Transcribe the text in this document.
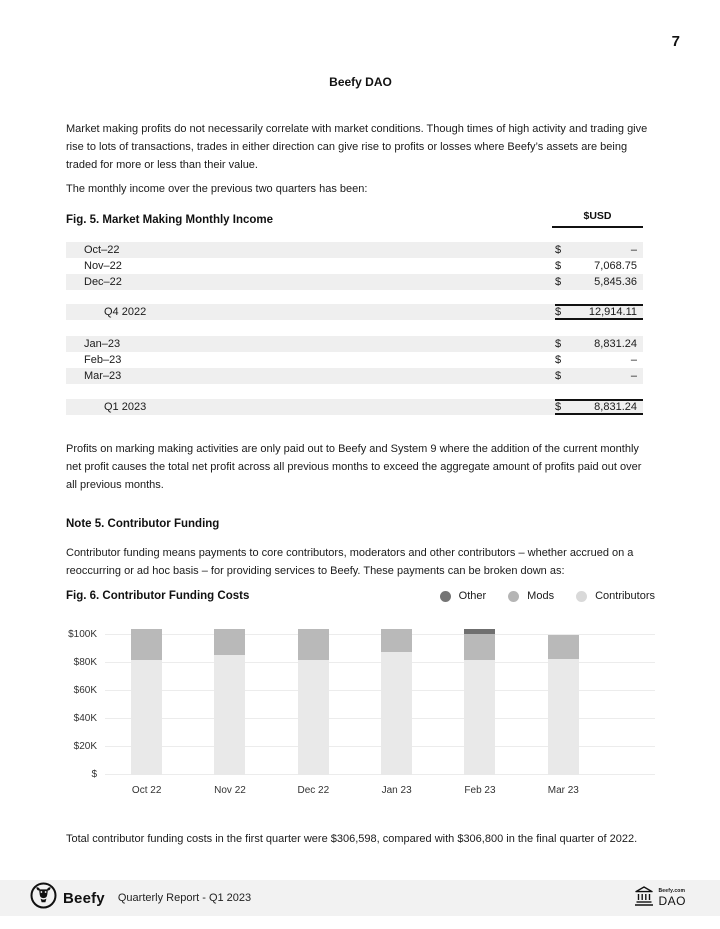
7
Beefy DAO

Market making profits do not necessarily correlate with market conditions. Though times of high activity and trading give rise to lots of transactions, trades in either direction can give rise to profits or losses where Beefy’s assets are being traded for more or less than their value.

The monthly income over the previous two quarters has been:

Fig. 5. Market Making Monthly Income	$USD
Oct–22	$	–
Nov–22	$	7,068.75
Dec–22	$	5,845.36
Q4 2022	$	12,914.11
Jan–23	$	8,831.24
Feb–23	$	–
Mar–23	$	–
Q1 2023	$	8,831.24

Profits on marking making activities are only paid out to Beefy and System 9 where the addition of the current monthly net profit causes the total net profit across all previous months to exceed the aggregate amount of profits paid out over all previous months.

Note 5. Contributor Funding

Contributor funding means payments to core contributors, moderators and other contributors – whether accrued on a reoccurring or ad hoc basis – for providing services to Beefy. These payments can be broken down as:

Fig. 6. Contributor Funding Costs	Other	Mods	Contributors
$
$20K
$40K
$60K
$80K
$100K
Oct 22	Nov 22	Dec 22	Jan 23	Feb 23	Mar 23

Total contributor funding costs in the first quarter were $306,598, compared with $306,800 in the final quarter of 2022.

Beefy Quarterly Report - Q1 2023
Beefy.com
DAO
